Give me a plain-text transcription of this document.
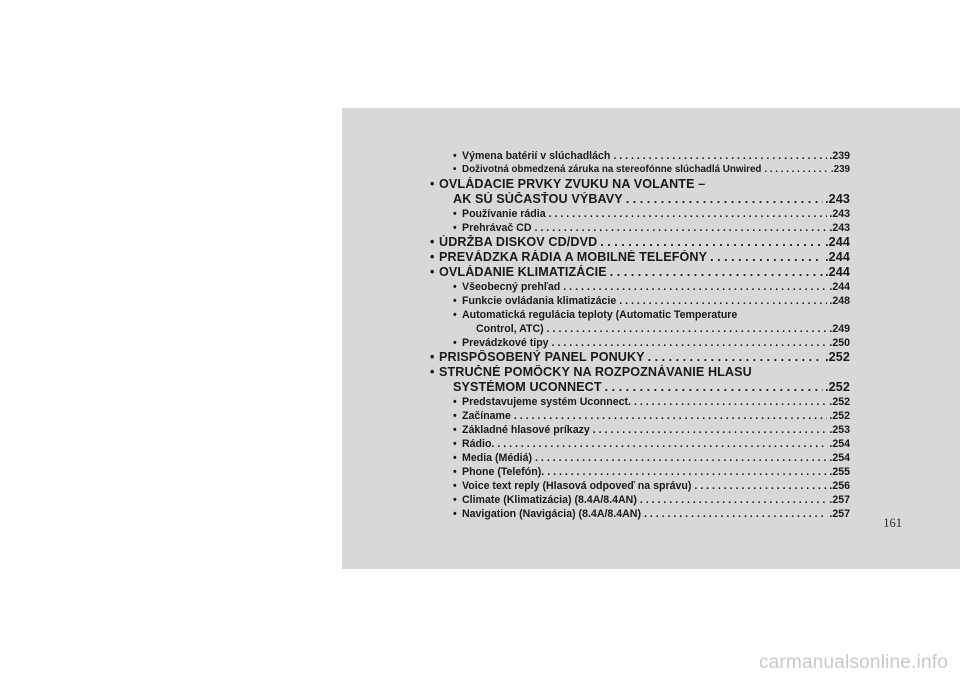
• Výmena batérií v slúchadlách . . .	.239
• Doživotná obmedzená záruka na stereofónne slúchadlá Unwired . . .	.239
• OVLÁDACIE PRVKY ZVUKU NA VOLANTE –
AK SÚ SÚČASŤOU VÝBAVY . . .	.243
• Používanie rádia . . .	.243
• Prehrávač CD . . .	.243
• ÚDRŽBA DISKOV CD/DVD . . .	.244
• PREVÁDZKA RÁDIA A MOBILNÉ TELEFÓNY . . .	.244
• OVLÁDANIE KLIMATIZÁCIE . . .	.244
• Všeobecný prehľad . . .	.244
• Funkcie ovládania klimatizácie . . .	.248
• Automatická regulácia teploty (Automatic Temperature
Control, ATC) . . .	.249
• Prevádzkové tipy . . .	.250
• PRISPÔSOBENÝ PANEL PONUKY . . .	.252
• STRUČNÉ POMÔCKY NA ROZPOZNÁVANIE HLASU
SYSTÉMOM UCONNECT . . .	.252
• Predstavujeme systém Uconnect. . . .	.252
• Začíname . . .	.252
• Základné hlasové príkazy . . .	.253
• Rádio. . . .	.254
• Media (Médiá) . . .	.254
• Phone (Telefón). . . .	.255
• Voice text reply (Hlasová odpoveď na správu) . . .	.256
• Climate (Klimatizácia) (8.4A/8.4AN) . . .	.257
• Navigation (Navigácia) (8.4A/8.4AN) . . .	.257
161
carmanualsonline.info
